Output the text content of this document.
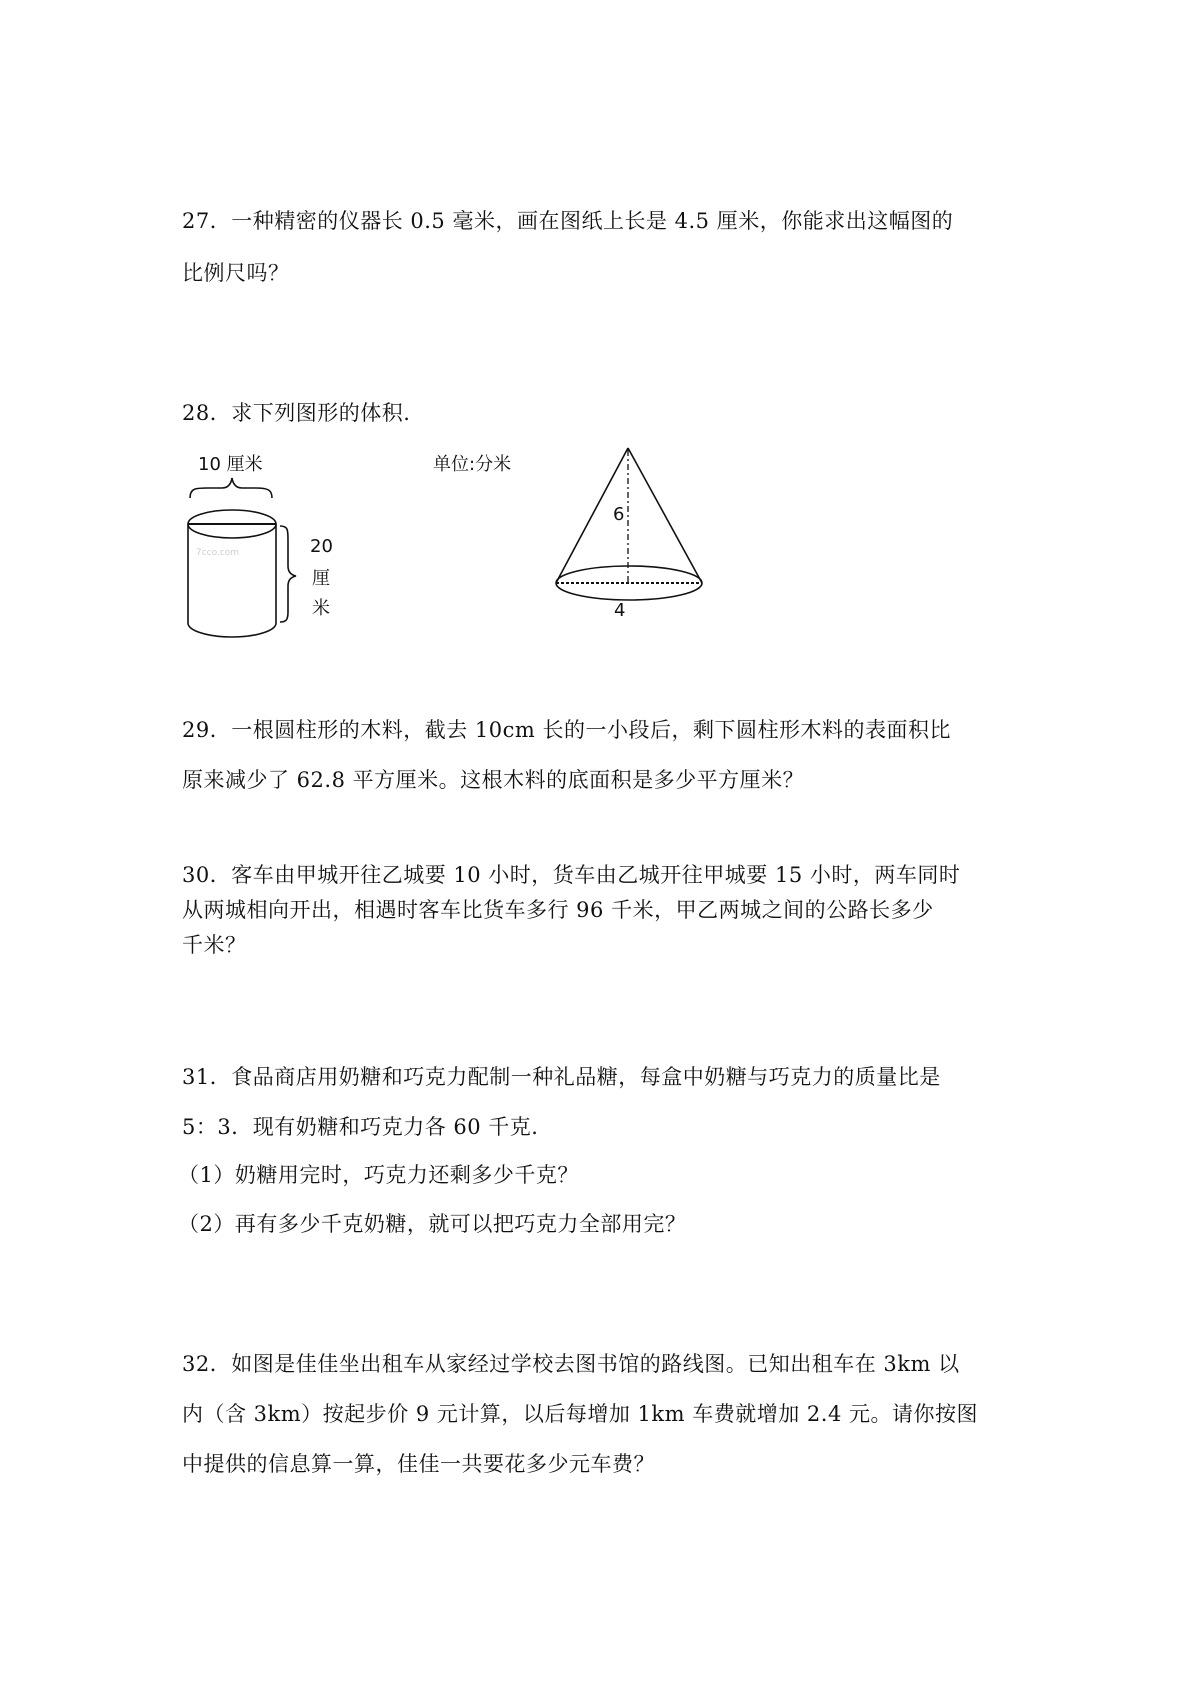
27．一种精密的仪器长 0.5 毫米，画在图纸上长是 4.5 厘米，你能求出这幅图的
比例尺吗？
28．求下列图形的体积.
10 厘米
20
厘
米
7cco.com
单位:分米
6
4
29．一根圆柱形的木料，截去 10cm 长的一小段后，剩下圆柱形木料的表面积比
原来减少了 62.8 平方厘米。这根木料的底面积是多少平方厘米？
30．客车由甲城开往乙城要 10 小时，货车由乙城开往甲城要 15 小时，两车同时
从两城相向开出，相遇时客车比货车多行 96 千米，甲乙两城之间的公路长多少
千米？
31．食品商店用奶糖和巧克力配制一种礼品糖，每盒中奶糖与巧克力的质量比是
5：3．现有奶糖和巧克力各 60 千克.
（1）奶糖用完时，巧克力还剩多少千克？
（2）再有多少千克奶糖，就可以把巧克力全部用完？
32．如图是佳佳坐出租车从家经过学校去图书馆的路线图。已知出租车在 3km 以
内（含 3km）按起步价 9 元计算，以后每增加 1km 车费就增加 2.4 元。请你按图
中提供的信息算一算，佳佳一共要花多少元车费？
